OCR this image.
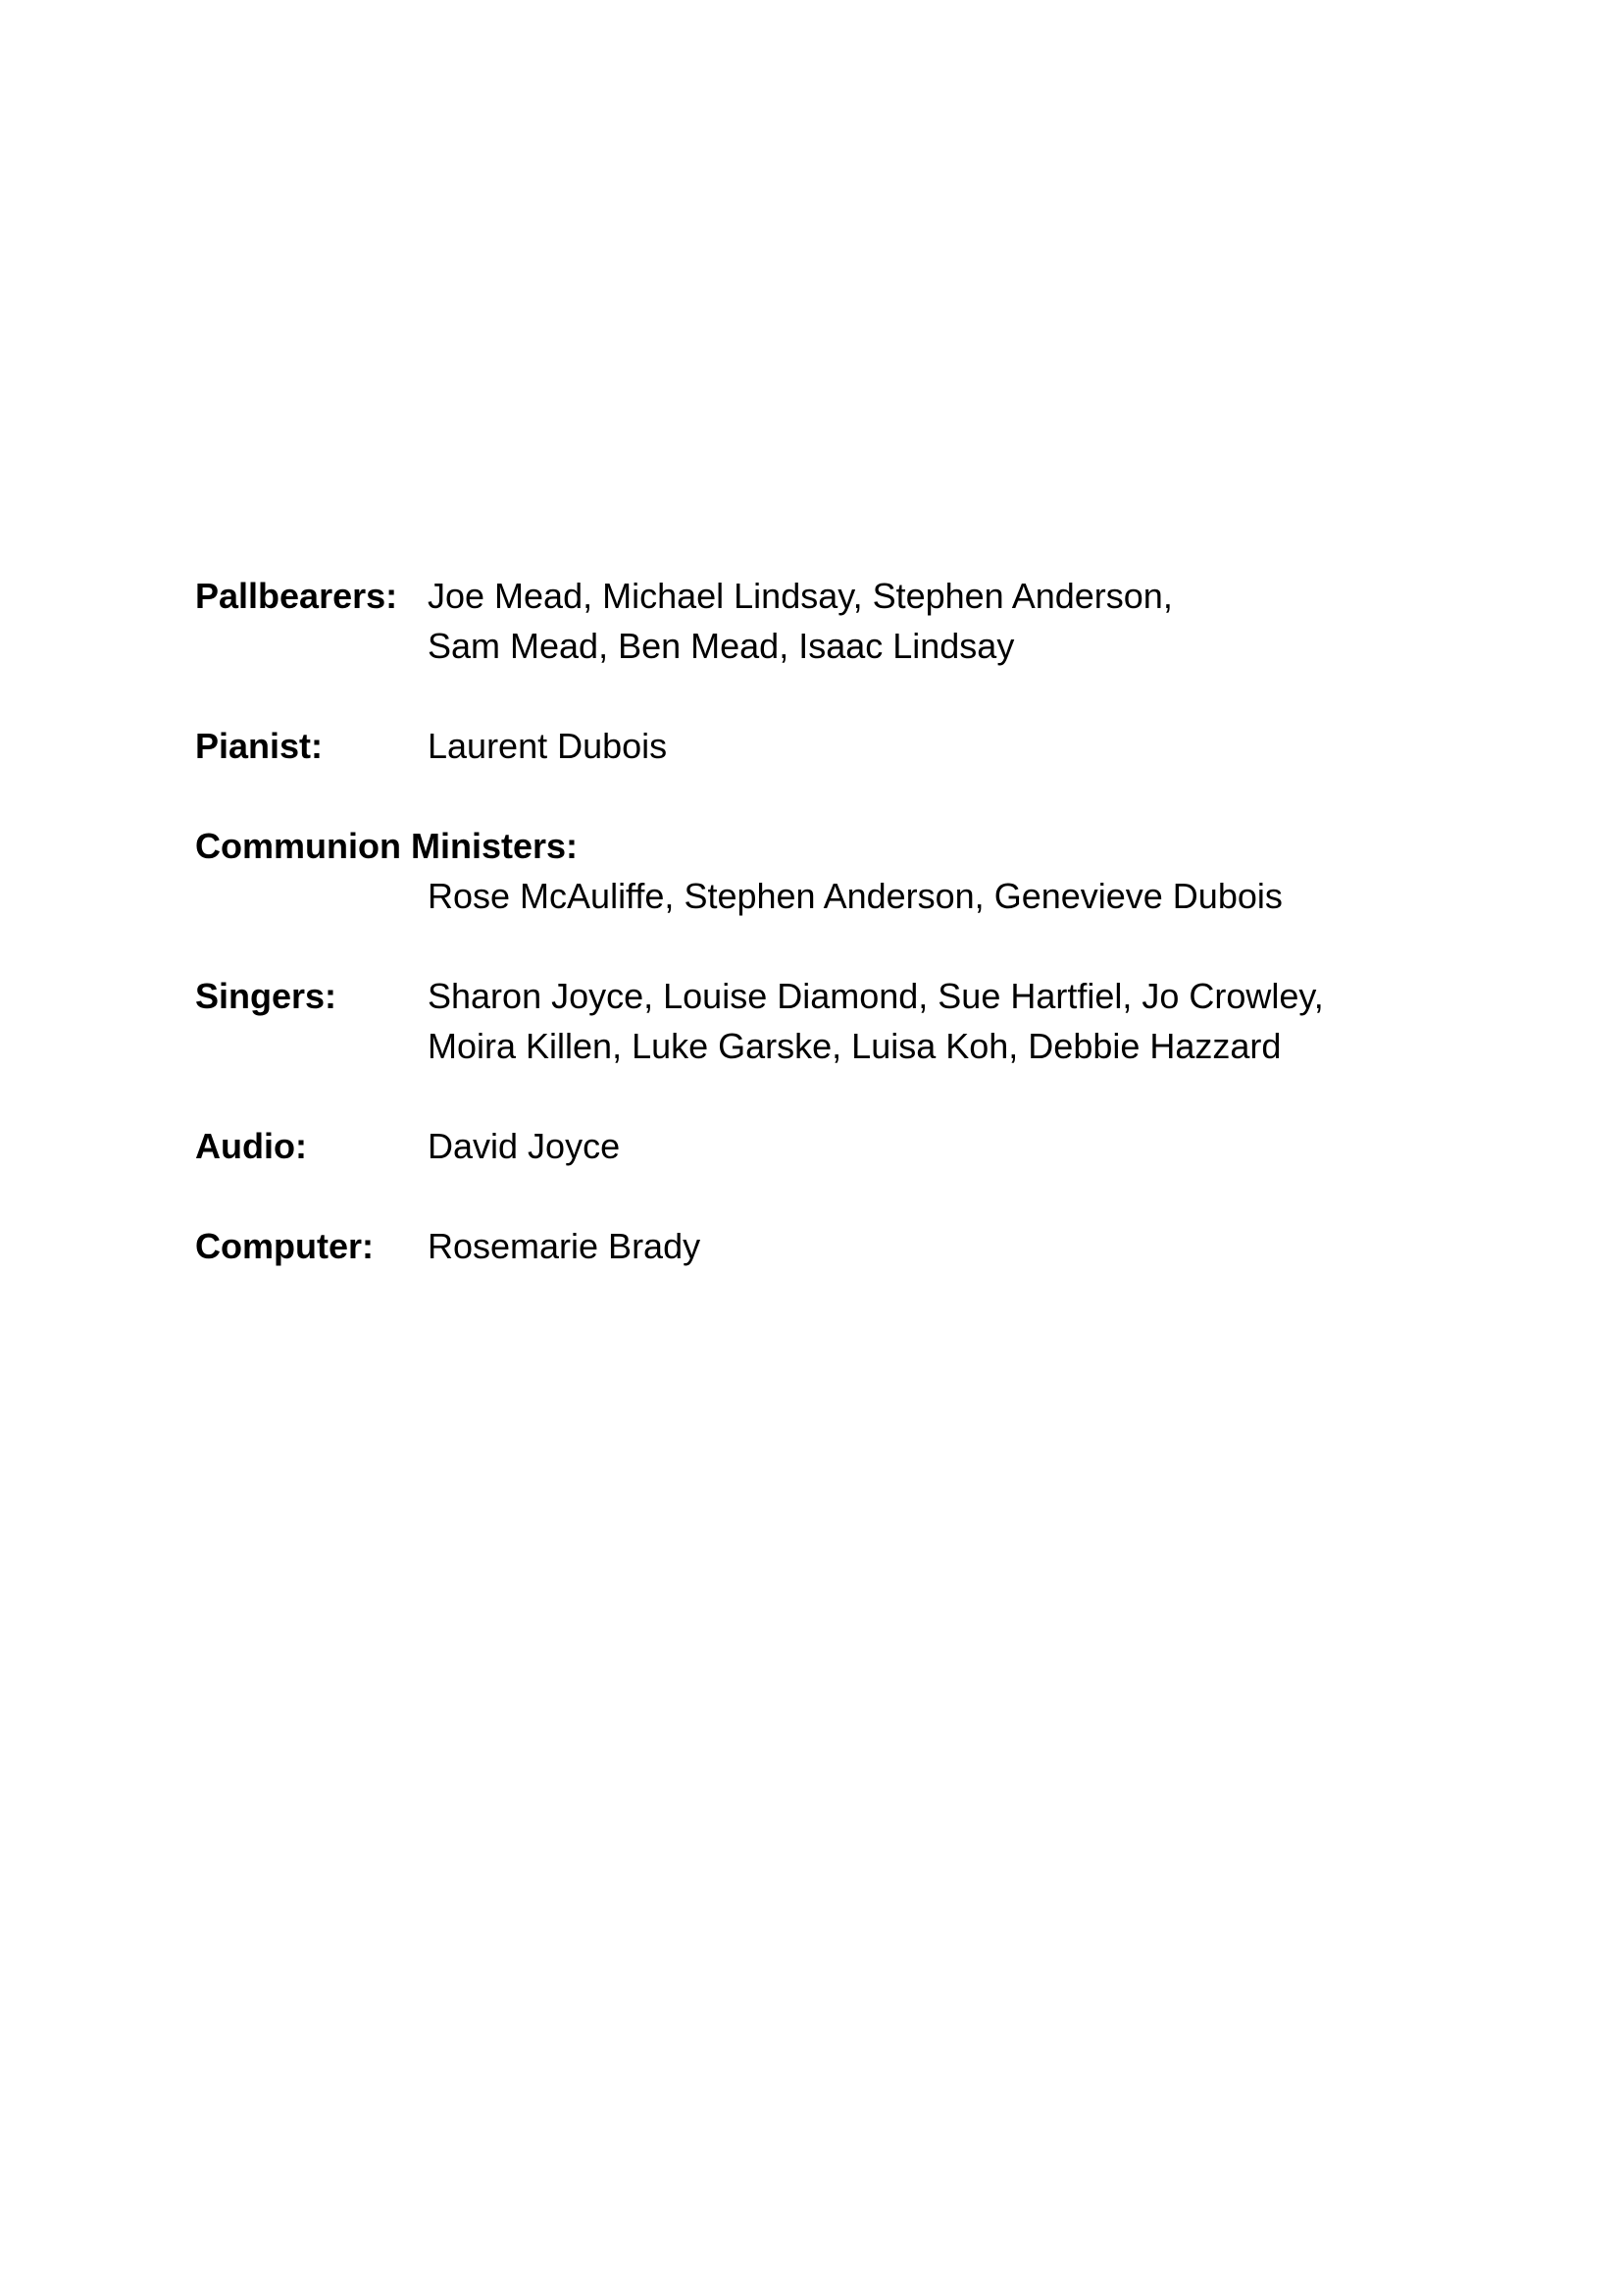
Pallbearers: Joe Mead, Michael Lindsay, Stephen Anderson,
Sam Mead, Ben Mead, Isaac Lindsay

Pianist:	Laurent Dubois
Communion Ministers:
Rose McAuliffe, Stephen Anderson, Genevieve Dubois
Singers:	Sharon Joyce, Louise Diamond, Sue Hartfiel, Jo Crowley,
Moira Killen, Luke Garske, Luisa Koh, Debbie Hazzard

Audio:	David Joyce
Computer:	Rosemarie Brady
